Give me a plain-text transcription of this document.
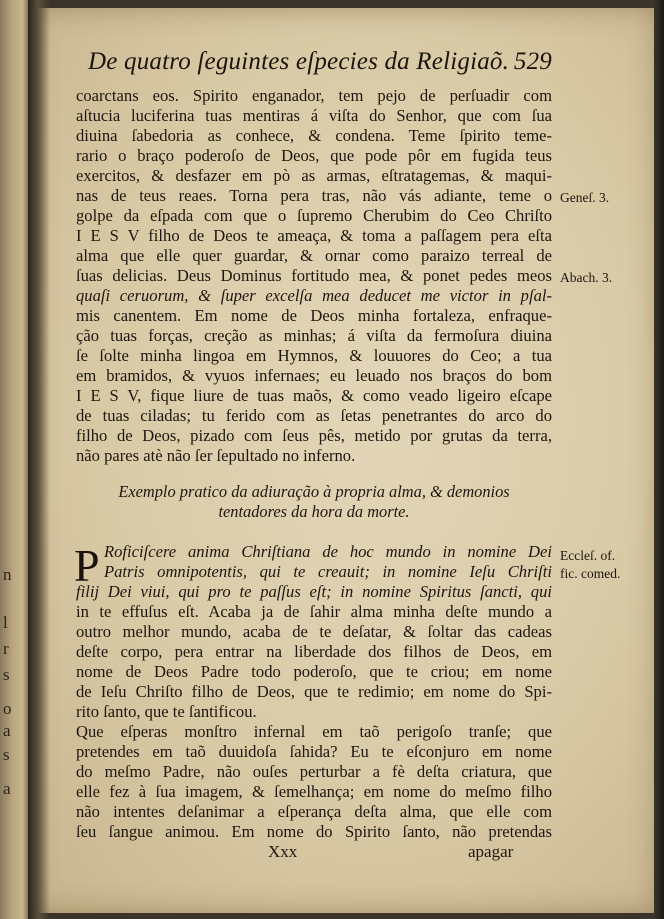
n
l
r
s
o
a
s
a
De quatro ſeguintes eſpecies da Religiaõ. 529
coarctans eos. Spirito enganador, tem pejo de perſuadir com
aſtucia luciferina tuas mentiras á viſta do Senhor, que com ſua
diuina ſabedoria as conhece, & condena. Teme ſpirito teme-
rario o braço poderoſo de Deos, que pode pôr em fugida teus
exercitos, & desfazer em pò as armas, eſtratagemas, & maqui-
nas de teus reaes. Torna pera tras, não vás adiante, teme o
golpe da eſpada com que o ſupremo Cherubim do Ceo Chriſto
I E S V filho de Deos te ameaça, & toma a paſſagem pera eſta
alma que elle quer guardar, & ornar como paraizo terreal de
ſuas delicias. Deus Dominus fortitudo mea, & ponet pedes meos
quaſi ceruorum, & ſuper excelſa mea deducet me victor in pſal-
mis canentem. Em nome de Deos minha fortaleza, enfraque-
ção tuas forças, creção as minhas; á viſta da fermoſura diuina
ſe ſolte minha lingoa em Hymnos, & louuores do Ceo; a tua
em bramidos, & vyuos infernaes; eu leuado nos braços do bom
I E S V, fique liure de tuas maõs, & como veado ligeiro eſcape
de tuas ciladas; tu ferido com as ſetas penetrantes do arco do
filho de Deos, pizado com ſeus pês, metido por grutas da terra,
não pares atè não ſer ſepultado no inferno.
Exemplo pratico da adiuração à propria alma, & demonios
tentadores da hora da morte.
P Roficiſcere anima Chriſtiana de hoc mundo in nomine Dei
Patris omnipotentis, qui te creauit; in nomine Ieſu Chriſti
filij Dei viui, qui pro te paſſus eſt; in nomine Spiritus ſancti, qui
in te effuſus eſt. Acaba ja de ſahir alma minha deſte mundo a
outro melhor mundo, acaba de te deſatar, & ſoltar das cadeas
deſte corpo, pera entrar na liberdade dos filhos de Deos, em
nome de Deos Padre todo poderoſo, que te criou; em nome
de Ieſu Chriſto filho de Deos, que te redimio; em nome do Spi-
rito ſanto, que te ſantificou.
Que eſperas monſtro infernal em taõ perigoſo tranſe; que
pretendes em taõ duuidoſa ſahida? Eu te eſconjuro em nome
do meſmo Padre, não ouſes perturbar a fè deſta criatura, que
elle fez à ſua imagem, & ſemelhança; em nome do meſmo filho
não intentes deſanimar a eſperança deſta alma, que elle com
ſeu ſangue animou. Em nome do Spirito ſanto, não pretendas
Geneſ. 3.
Abach. 3.
Eccleſ. of.
fic. comed.
Xxx	apagar
